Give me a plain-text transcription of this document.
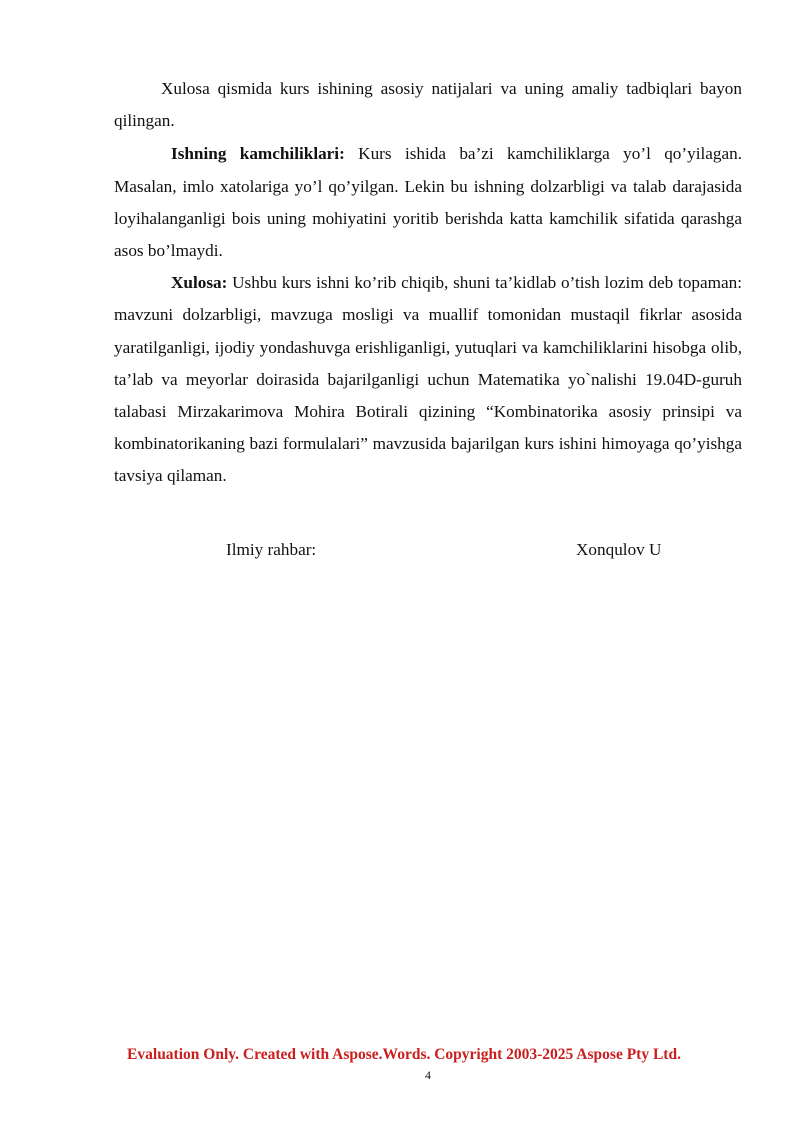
Xulosa qismida kurs ishining asosiy natijalari va uning amaliy tadbiqlari bayon qilingan.

Ishning kamchiliklari: Kurs ishida ba’zi kamchiliklarga yo’l qo’yilagan. Masalan, imlo xatolariga yo’l qo’yilgan. Lekin bu ishning dolzarbligi va talab darajasida loyihalanganligi bois uning mohiyatini yoritib berishda katta kamchilik sifatida qarashga asos bo’lmaydi.

Xulosa: Ushbu kurs ishni ko’rib chiqib, shuni ta’kidlab o’tish lozim deb topaman: mavzuni dolzarbligi, mavzuga mosligi va muallif tomonidan mustaqil fikrlar asosida yaratilganligi, ijodiy yondashuvga erishliganligi, yutuqlari va kamchiliklarini hisobga olib, ta’lab va meyorlar doirasida bajarilganligi uchun Matematika yo`nalishi 19.04D-guruh talabasi Mirzakarimova Mohira Botirali qizining “Kombinatorika asosiy prinsipi va kombinatorikaning bazi formulalari” mavzusida bajarilgan kurs ishini himoyaga qo’yishga tavsiya qilaman.

Ilmiy rahbar:	Xonqulov U
Evaluation Only. Created with Aspose.Words. Copyright 2003-2025 Aspose Pty Ltd.
4
